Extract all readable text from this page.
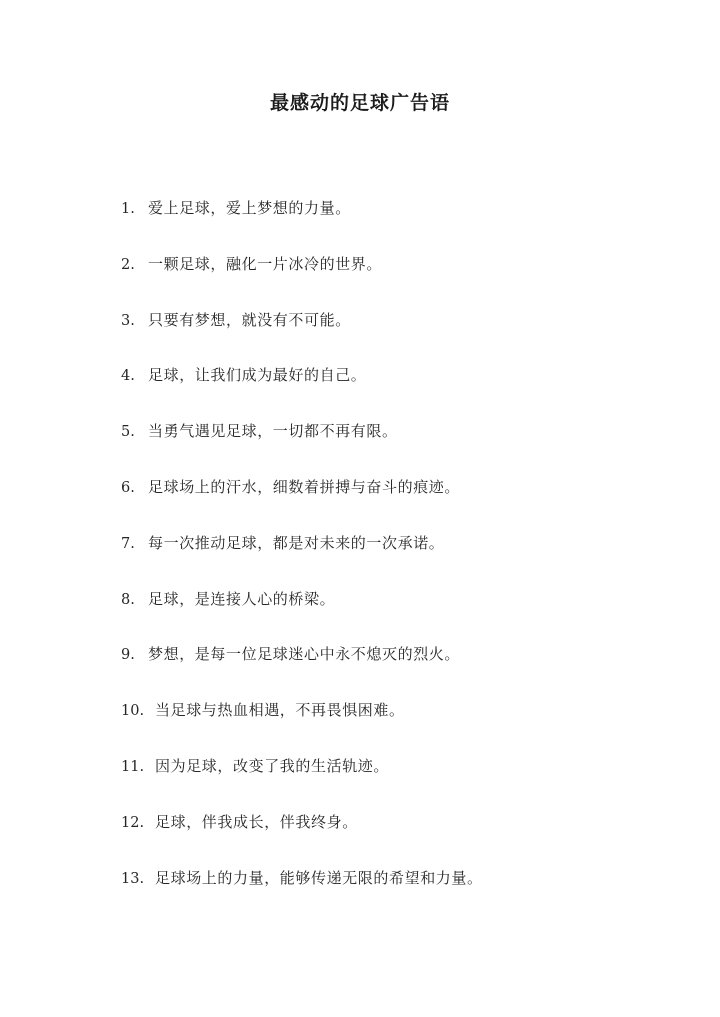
最感动的足球广告语
1. 爱上足球，爱上梦想的力量。
2. 一颗足球，融化一片冰冷的世界。
3. 只要有梦想，就没有不可能。
4. 足球，让我们成为最好的自己。
5. 当勇气遇见足球，一切都不再有限。
6. 足球场上的汗水，细数着拼搏与奋斗的痕迹。
7. 每一次推动足球，都是对未来的一次承诺。
8. 足球，是连接人心的桥梁。
9. 梦想，是每一位足球迷心中永不熄灭的烈火。
10. 当足球与热血相遇，不再畏惧困难。
11. 因为足球，改变了我的生活轨迹。
12. 足球，伴我成长，伴我终身。
13. 足球场上的力量，能够传递无限的希望和力量。
